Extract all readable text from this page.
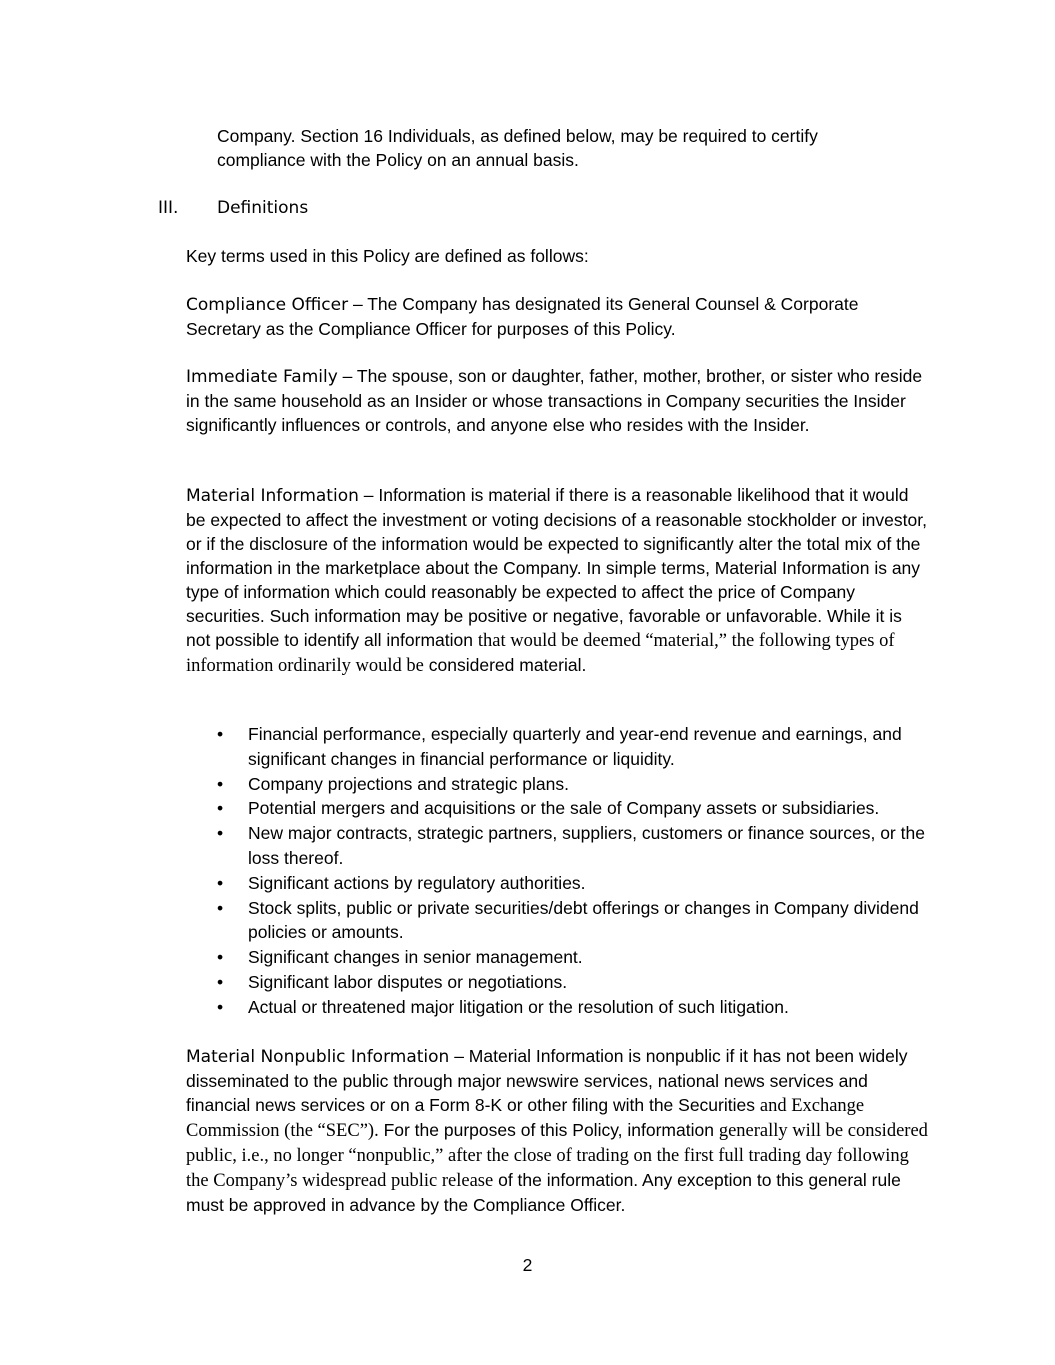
Company. Section 16 Individuals, as defined below, may be required to certify compliance with the Policy on an annual basis.

III. Definitions

Key terms used in this Policy are defined as follows:

Compliance Officer – The Company has designated its General Counsel & Corporate Secretary as the Compliance Officer for purposes of this Policy.

Immediate Family – The spouse, son or daughter, father, mother, brother, or sister who reside in the same household as an Insider or whose transactions in Company securities the Insider significantly influences or controls, and anyone else who resides with the Insider.

Material Information – Information is material if there is a reasonable likelihood that it would be expected to affect the investment or voting decisions of a reasonable stockholder or investor, or if the disclosure of the information would be expected to significantly alter the total mix of the information in the marketplace about the Company. In simple terms, Material Information is any type of information which could reasonably be expected to affect the price of Company securities. Such information may be positive or negative, favorable or unfavorable. While it is not possible to identify all information that would be deemed “material,” the following types of information ordinarily would be considered material.

• Financial performance, especially quarterly and year-end revenue and earnings, and significant changes in financial performance or liquidity.
• Company projections and strategic plans.
• Potential mergers and acquisitions or the sale of Company assets or subsidiaries.
• New major contracts, strategic partners, suppliers, customers or finance sources, or the loss thereof.
• Significant actions by regulatory authorities.
• Stock splits, public or private securities/debt offerings or changes in Company dividend policies or amounts.
• Significant changes in senior management.
• Significant labor disputes or negotiations.
• Actual or threatened major litigation or the resolution of such litigation.

Material Nonpublic Information – Material Information is nonpublic if it has not been widely disseminated to the public through major newswire services, national news services and financial news services or on a Form 8-K or other filing with the Securities and Exchange Commission (the “SEC”). For the purposes of this Policy, information generally will be considered public, i.e., no longer “nonpublic,” after the close of trading on the first full trading day following the Company’s widespread public release of the information. Any exception to this general rule must be approved in advance by the Compliance Officer.

2
